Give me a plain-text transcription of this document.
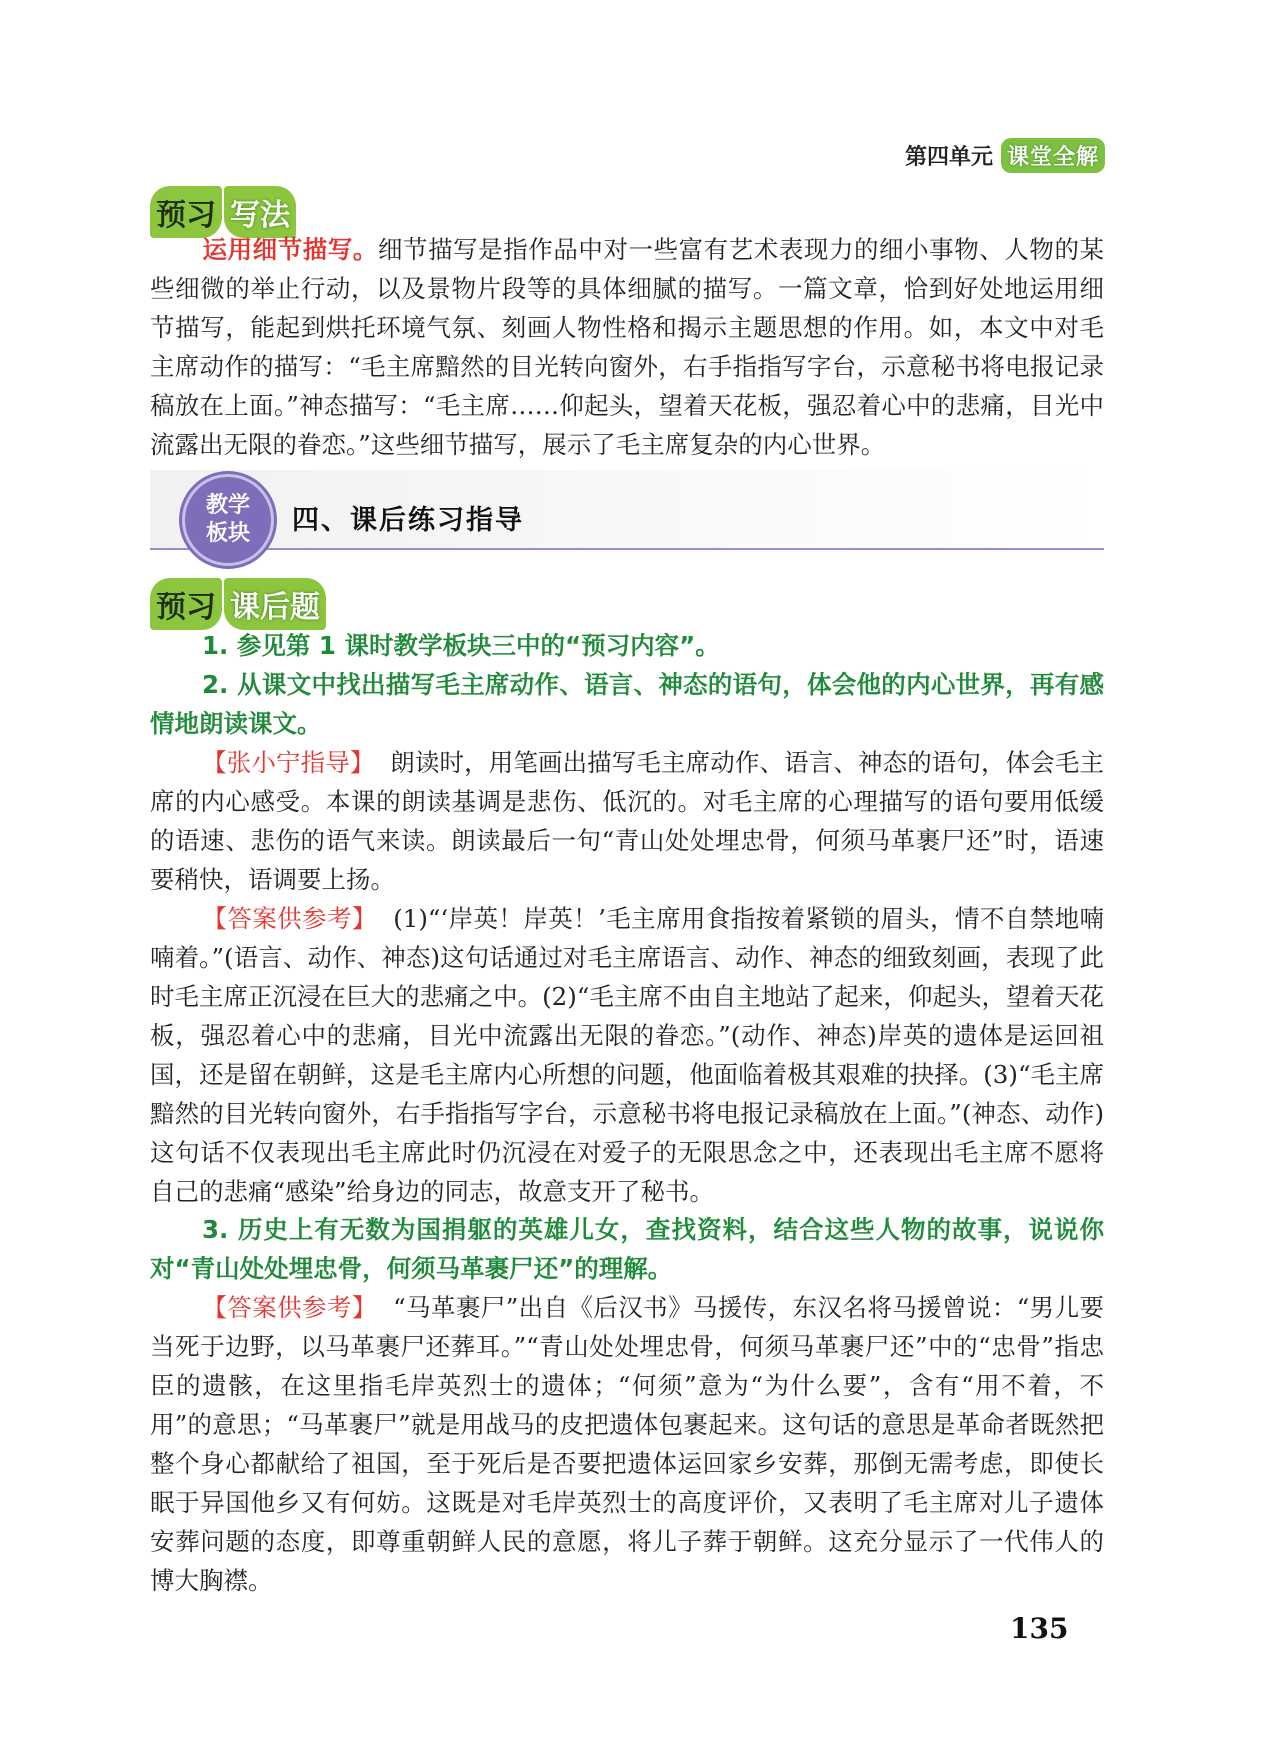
第四单元 课堂全解
预习 写法

运用细节描写。细节描写是指作品中对一些富有艺术表现力的细小事物、人物的某些细微的举止行动，以及景物片段等的具体细腻的描写。一篇文章，恰到好处地运用细节描写，能起到烘托环境气氛、刻画人物性格和揭示主题思想的作用。如，本文中对毛主席动作的描写：“毛主席黯然的目光转向窗外，右手指指写字台，示意秘书将电报记录稿放在上面。”神态描写：“毛主席……仰起头，望着天花板，强忍着心中的悲痛，目光中流露出无限的眷恋。”这些细节描写，展示了毛主席复杂的内心世界。

教学
板块 四、课后练习指导
预习 课后题

1. 参见第 1 课时教学板块三中的“预习内容”。

2. 从课文中找出描写毛主席动作、语言、神态的语句，体会他的内心世界，再有感情地朗读课文。

【张小宁指导】 朗读时，用笔画出描写毛主席动作、语言、神态的语句，体会毛主席的内心感受。本课的朗读基调是悲伤、低沉的。对毛主席的心理描写的语句要用低缓的语速、悲伤的语气来读。朗读最后一句“青山处处埋忠骨，何须马革裹尸还”时，语速要稍快，语调要上扬。

【答案供参考】 (1)“‘岸英！岸英！’毛主席用食指按着紧锁的眉头，情不自禁地喃喃着。”(语言、动作、神态)这句话通过对毛主席语言、动作、神态的细致刻画，表现了此时毛主席正沉浸在巨大的悲痛之中。(2)“毛主席不由自主地站了起来，仰起头，望着天花板，强忍着心中的悲痛，目光中流露出无限的眷恋。”(动作、神态)岸英的遗体是运回祖国，还是留在朝鲜，这是毛主席内心所想的问题，他面临着极其艰难的抉择。(3)“毛主席黯然的目光转向窗外，右手指指写字台，示意秘书将电报记录稿放在上面。”(神态、动作)这句话不仅表现出毛主席此时仍沉浸在对爱子的无限思念之中，还表现出毛主席不愿将自己的悲痛“感染”给身边的同志，故意支开了秘书。

3. 历史上有无数为国捐躯的英雄儿女，查找资料，结合这些人物的故事，说说你对“青山处处埋忠骨，何须马革裹尸还”的理解。

【答案供参考】 “马革裹尸”出自《后汉书》马援传，东汉名将马援曾说：“男儿要当死于边野，以马革裹尸还葬耳。”“青山处处埋忠骨，何须马革裹尸还”中的“忠骨”指忠臣的遗骸，在这里指毛岸英烈士的遗体；“何须”意为“为什么要”，含有“用不着，不用”的意思；“马革裹尸”就是用战马的皮把遗体包裹起来。这句话的意思是革命者既然把整个身心都献给了祖国，至于死后是否要把遗体运回家乡安葬，那倒无需考虑，即使长眠于异国他乡又有何妨。这既是对毛岸英烈士的高度评价，又表明了毛主席对儿子遗体安葬问题的态度，即尊重朝鲜人民的意愿，将儿子葬于朝鲜。这充分显示了一代伟人的博大胸襟。

135
